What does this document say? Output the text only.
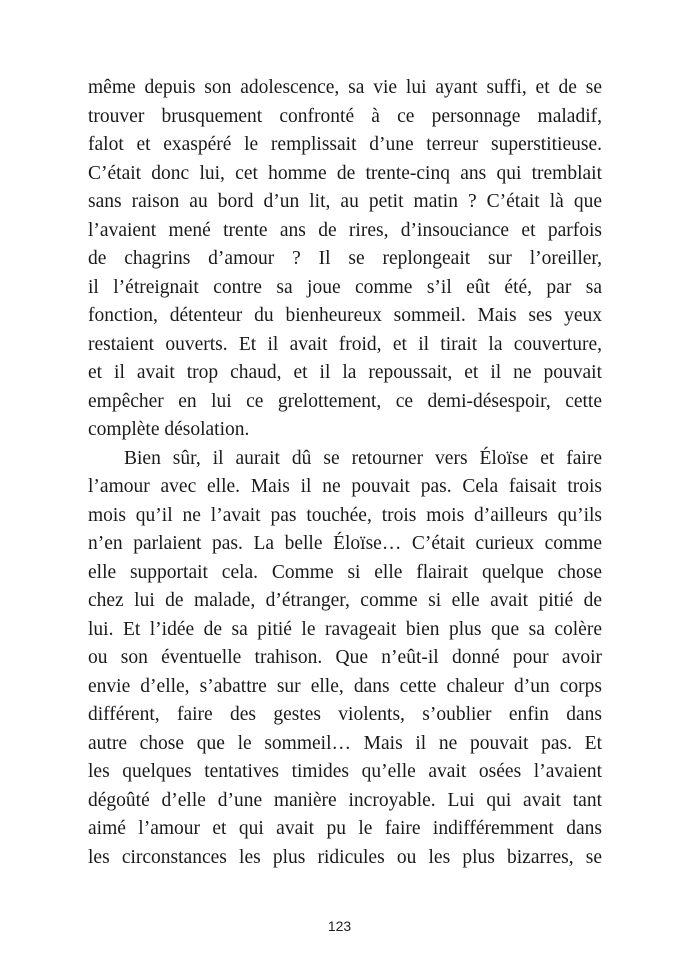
même depuis son adolescence, sa vie lui ayant suffi, et de se
trouver brusquement confronté à ce personnage maladif,
falot et exaspéré le remplissait d’une terreur superstitieuse.
C’était donc lui, cet homme de trente-cinq ans qui tremblait
sans raison au bord d’un lit, au petit matin ? C’était là que
l’avaient mené trente ans de rires, d’insouciance et parfois
de chagrins d’amour ? Il se replongeait sur l’oreiller,
il l’étreignait contre sa joue comme s’il eût été, par sa
fonction, détenteur du bienheureux sommeil. Mais ses yeux
restaient ouverts. Et il avait froid, et il tirait la couverture,
et il avait trop chaud, et il la repoussait, et il ne pouvait
empêcher en lui ce grelottement, ce demi-désespoir, cette
complète désolation.
Bien sûr, il aurait dû se retourner vers Éloïse et faire
l’amour avec elle. Mais il ne pouvait pas. Cela faisait trois
mois qu’il ne l’avait pas touchée, trois mois d’ailleurs qu’ils
n’en parlaient pas. La belle Éloïse… C’était curieux comme
elle supportait cela. Comme si elle flairait quelque chose
chez lui de malade, d’étranger, comme si elle avait pitié de
lui. Et l’idée de sa pitié le ravageait bien plus que sa colère
ou son éventuelle trahison. Que n’eût-il donné pour avoir
envie d’elle, s’abattre sur elle, dans cette chaleur d’un corps
différent, faire des gestes violents, s’oublier enfin dans
autre chose que le sommeil… Mais il ne pouvait pas. Et
les quelques tentatives timides qu’elle avait osées l’avaient
dégoûté d’elle d’une manière incroyable. Lui qui avait tant
aimé l’amour et qui avait pu le faire indifféremment dans
les circonstances les plus ridicules ou les plus bizarres, se
123
